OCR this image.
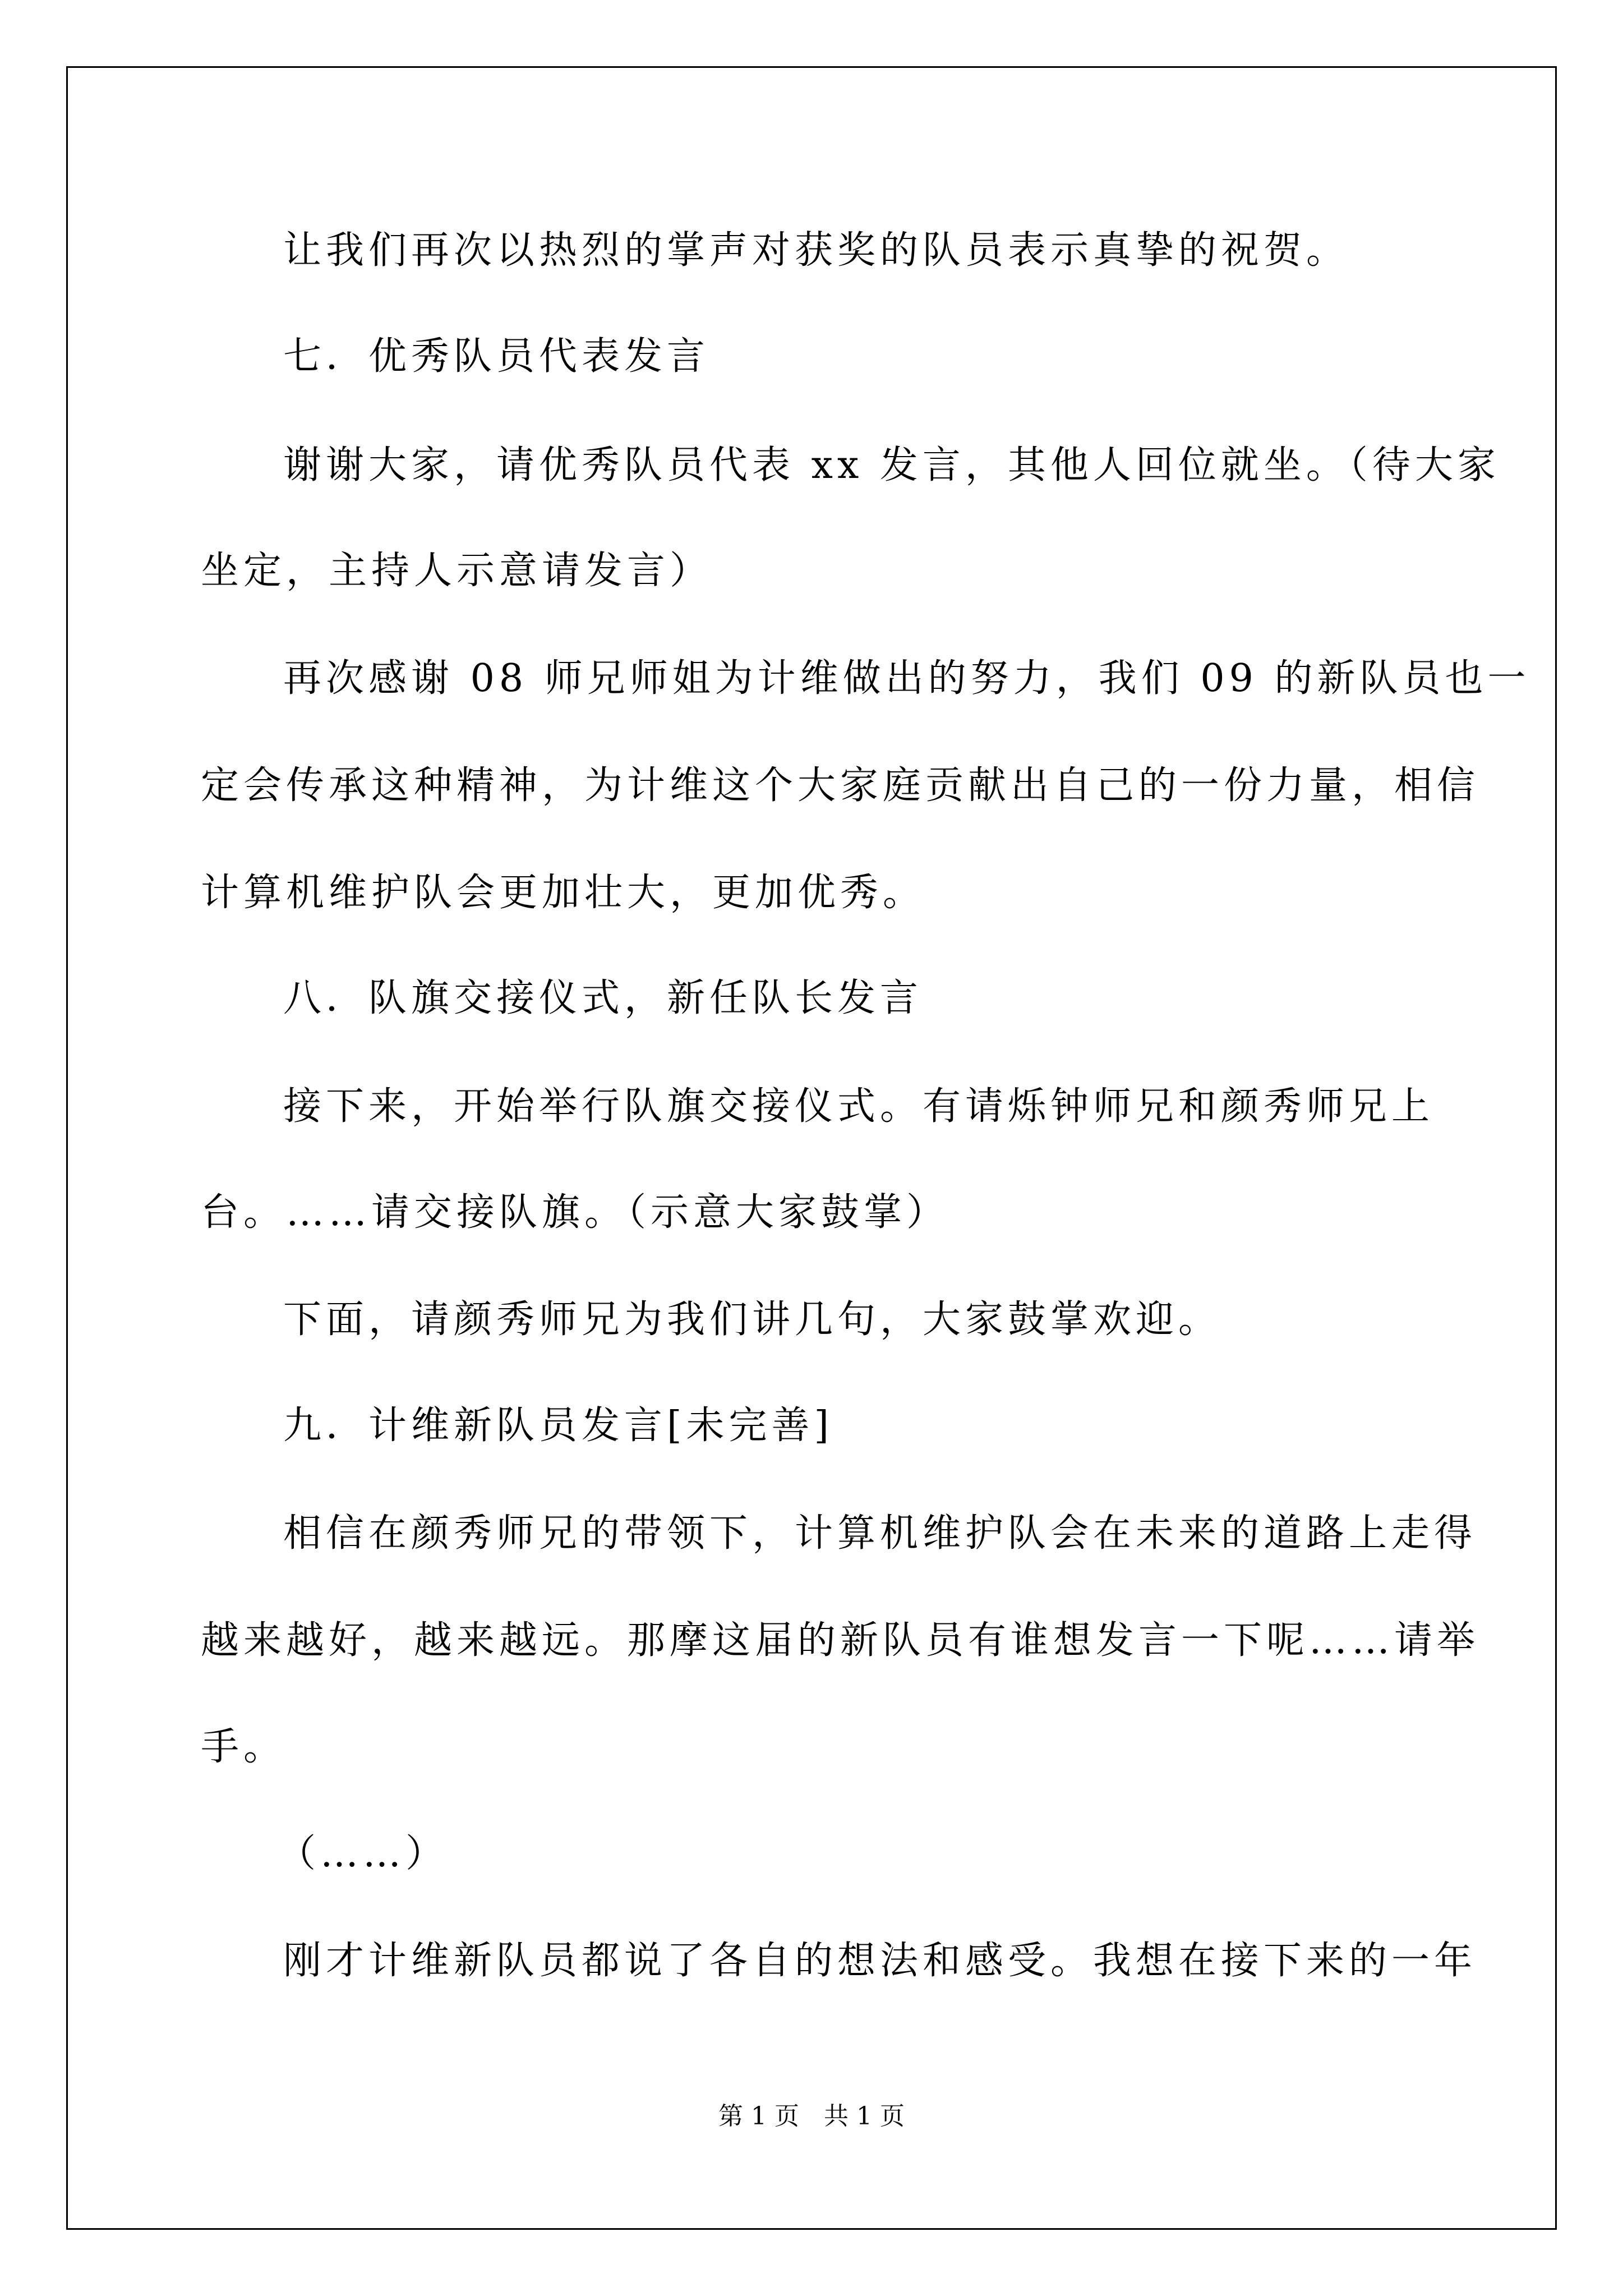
让我们再次以热烈的掌声对获奖的队员表示真挚的祝贺。
七．优秀队员代表发言
谢谢大家，请优秀队员代表 xx 发言，其他人回位就坐。（待大家
坐定，主持人示意请发言）
再次感谢 08 师兄师姐为计维做出的努力，我们 09 的新队员也一
定会传承这种精神，为计维这个大家庭贡献出自己的一份力量，相信
计算机维护队会更加壮大，更加优秀。
八．队旗交接仪式，新任队长发言
接下来，开始举行队旗交接仪式。有请烁钟师兄和颜秀师兄上
台。……请交接队旗。（示意大家鼓掌）
下面，请颜秀师兄为我们讲几句，大家鼓掌欢迎。
九．计维新队员发言[未完善]
相信在颜秀师兄的带领下，计算机维护队会在未来的道路上走得
越来越好，越来越远。那摩这届的新队员有谁想发言一下呢……请举
手。
（……）
刚才计维新队员都说了各自的想法和感受。我想在接下来的一年
第 1 页　共 1 页
